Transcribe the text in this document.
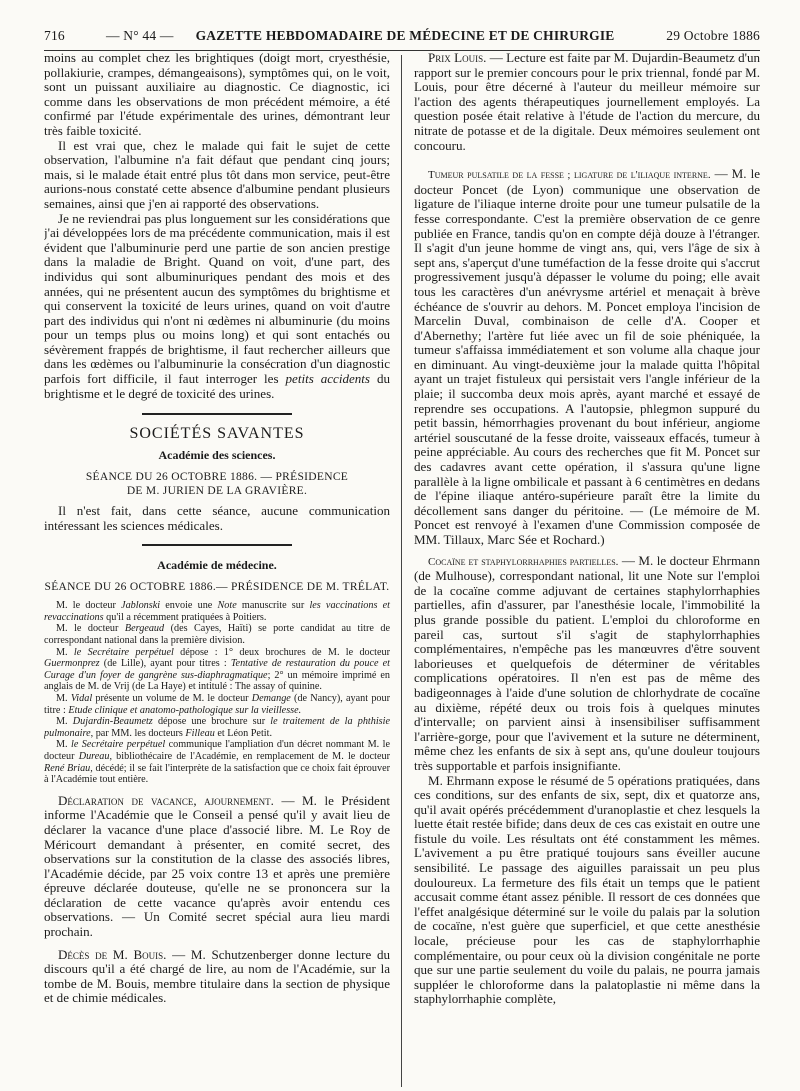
716	— N° 44 — GAZETTE HEBDOMADAIRE DE MÉDECINE ET DE CHIRURGIE	29 Octobre 1886

moins au complet chez les brightiques (doigt mort, cryesthésie, pollakiurie, crampes, démangeaisons), symptômes qui, on le voit, sont un puissant auxiliaire au diagnostic. Ce diagnostic, ici comme dans les observations de mon précédent mémoire, a été confirmé par l'étude expérimentale des urines, démontrant leur très faible toxicité.

Il est vrai que, chez le malade qui fait le sujet de cette observation, l'albumine n'a fait défaut que pendant cinq jours; mais, si le malade était entré plus tôt dans mon service, peut-être aurions-nous constaté cette absence d'albumine pendant plusieurs semaines, ainsi que j'en ai rapporté des observations.

Je ne reviendrai pas plus longuement sur les considérations que j'ai développées lors de ma précédente communication, mais il est évident que l'albuminurie perd une partie de son ancien prestige dans la maladie de Bright. Quand on voit, d'une part, des individus qui sont albuminuriques pendant des mois et des années, qui ne présentent aucun des symptômes du brightisme et qui conservent la toxicité de leurs urines, quand on voit d'autre part des individus qui n'ont ni œdèmes ni albuminurie (du moins pour un temps plus ou moins long) et qui sont entachés ou sévèrement frappés de brightisme, il faut rechercher ailleurs que dans les œdèmes ou l'albuminurie la consécration d'un diagnostic parfois fort difficile, il faut interroger les petits accidents du brightisme et le degré de toxicité des urines.

SOCIÉTÉS SAVANTES
Académie des sciences.
SÉANCE DU 26 OCTOBRE 1886. — PRÉSIDENCE
DE M. JURIEN DE LA GRAVIÈRE.

Il n'est fait, dans cette séance, aucune communication intéressant les sciences médicales.

Académie de médecine.
SÉANCE DU 26 OCTOBRE 1886.— PRÉSIDENCE DE M. TRÉLAT.

M. le docteur Jablonski envoie une Note manuscrite sur les vaccinations et revaccinations qu'il a récemment pratiquées à Poitiers.

M. le docteur Bergeaud (des Cayes, Haïti) se porte candidat au titre de correspondant national dans la première division.

M. le Secrétaire perpétuel dépose : 1° deux brochures de M. le docteur Guermonprez (de Lille), ayant pour titres : Tentative de restauration du pouce et Curage d'un foyer de gangrène sus-diaphragmatique; 2° un mémoire imprimé en anglais de M. de Vrij (de La Haye) et intitulé : The assay of quinine.

M. Vidal présente un volume de M. le docteur Demange (de Nancy), ayant pour titre : Etude clinique et anatomo-pathologique sur la vieillesse.

M. Dujardin-Beaumetz dépose une brochure sur le traitement de la phthisie pulmonaire, par MM. les docteurs Filleau et Léon Petit.

M. le Secrétaire perpétuel communique l'ampliation d'un décret nommant M. le docteur Dureau, bibliothécaire de l'Académie, en remplacement de M. le docteur René Briau, décédé; il se fait l'interprète de la satisfaction que ce choix fait éprouver à l'Académie tout entière.

Déclaration de vacance, ajournement. — M. le Président informe l'Académie que le Conseil a pensé qu'il y avait lieu de déclarer la vacance d'une place d'associé libre. M. Le Roy de Méricourt demandant à présenter, en comité secret, des observations sur la constitution de la classe des associés libres, l'Académie décide, par 25 voix contre 13 et après une première épreuve déclarée douteuse, qu'elle ne se prononcera sur la déclaration de cette vacance qu'après avoir entendu ces observations. — Un Comité secret spécial aura lieu mardi prochain.

Décès de M. Bouis. — M. Schutzenberger donne lecture du discours qu'il a été chargé de lire, au nom de l'Académie, sur la tombe de M. Bouis, membre titulaire dans la section de physique et de chimie médicales.

Prix Louis. — Lecture est faite par M. Dujardin-Beaumetz d'un rapport sur le premier concours pour le prix triennal, fondé par M. Louis, pour être décerné à l'auteur du meilleur mémoire sur l'action des agents thérapeutiques journellement employés. La question posée était relative à l'étude de l'action du mercure, du nitrate de potasse et de la digitale. Deux mémoires seulement ont concouru.

Tumeur pulsatile de la fesse ; ligature de l'iliaque interne. — M. le docteur Poncet (de Lyon) communique une observation de ligature de l'iliaque interne droite pour une tumeur pulsatile de la fesse correspondante. C'est la première observation de ce genre publiée en France, tandis qu'on en compte déjà douze à l'étranger. Il s'agit d'un jeune homme de vingt ans, qui, vers l'âge de six à sept ans, s'aperçut d'une tuméfaction de la fesse droite qui s'accrut progressivement jusqu'à dépasser le volume du poing; elle avait tous les caractères d'un anévrysme artériel et menaçait à brève échéance de s'ouvrir au dehors. M. Poncet employa l'incision de Marcelin Duval, combinaison de celle d'A. Cooper et d'Abernethy; l'artère fut liée avec un fil de soie phéniquée, la tumeur s'affaissa immédiatement et son volume alla chaque jour en diminuant. Au vingt-deuxième jour la malade quitta l'hôpital ayant un trajet fistuleux qui persistait vers l'angle inférieur de la plaie; il succomba deux mois après, ayant marché et essayé de reprendre ses occupations. A l'autopsie, phlegmon suppuré du petit bassin, hémorrhagies provenant du bout inférieur, angiome artériel souscutané de la fesse droite, vaisseaux effacés, tumeur à peine appréciable. Au cours des recherches que fit M. Poncet sur des cadavres avant cette opération, il s'assura qu'une ligne parallèle à la ligne ombilicale et passant à 6 centimètres en dedans de l'épine iliaque antéro-supérieure paraît être la limite du décollement sans danger du péritoine. — (Le mémoire de M. Poncet est renvoyé à l'examen d'une Commission composée de MM. Tillaux, Marc Sée et Rochard.)

Cocaïne et staphylorrhaphies partielles. — M. le docteur Ehrmann (de Mulhouse), correspondant national, lit une Note sur l'emploi de la cocaïne comme adjuvant de certaines staphylorrhaphies partielles, afin d'assurer, par l'anesthésie locale, l'immobilité la plus grande possible du patient. L'emploi du chloroforme en pareil cas, surtout s'il s'agit de staphylorrhaphies complémentaires, n'empêche pas les manœuvres d'être souvent laborieuses et quelquefois de déterminer de véritables complications opératoires. Il n'en est pas de même des badigeonnages à l'aide d'une solution de chlorhydrate de cocaïne au dixième, répété deux ou trois fois à quelques minutes d'intervalle; on parvient ainsi à insensibiliser suffisamment l'arrière-gorge, pour que l'avivement et la suture ne déterminent, même chez les enfants de six à sept ans, qu'une douleur toujours très supportable et parfois insignifiante.

M. Ehrmann expose le résumé de 5 opérations pratiquées, dans ces conditions, sur des enfants de six, sept, dix et quatorze ans, qu'il avait opérés précédemment d'uranoplastie et chez lesquels la luette était restée bifide; dans deux de ces cas existait en outre une fistule du voile. Les résultats ont été constamment les mêmes. L'avivement a pu être pratiqué toujours sans éveiller aucune sensibilité. Le passage des aiguilles paraissait un peu plus douloureux. La fermeture des fils était un temps que le patient accusait comme étant assez pénible. Il ressort de ces données que l'effet analgésique déterminé sur le voile du palais par la solution de cocaïne, n'est guère que superficiel, et que cette anesthésie locale, précieuse pour les cas de staphylorrhaphie complémentaire, ou pour ceux où la division congénitale ne porte que sur une partie seulement du voile du palais, ne pourra jamais suppléer le chloroforme dans la palatoplastie ni même dans la staphylorrhaphie complète,
